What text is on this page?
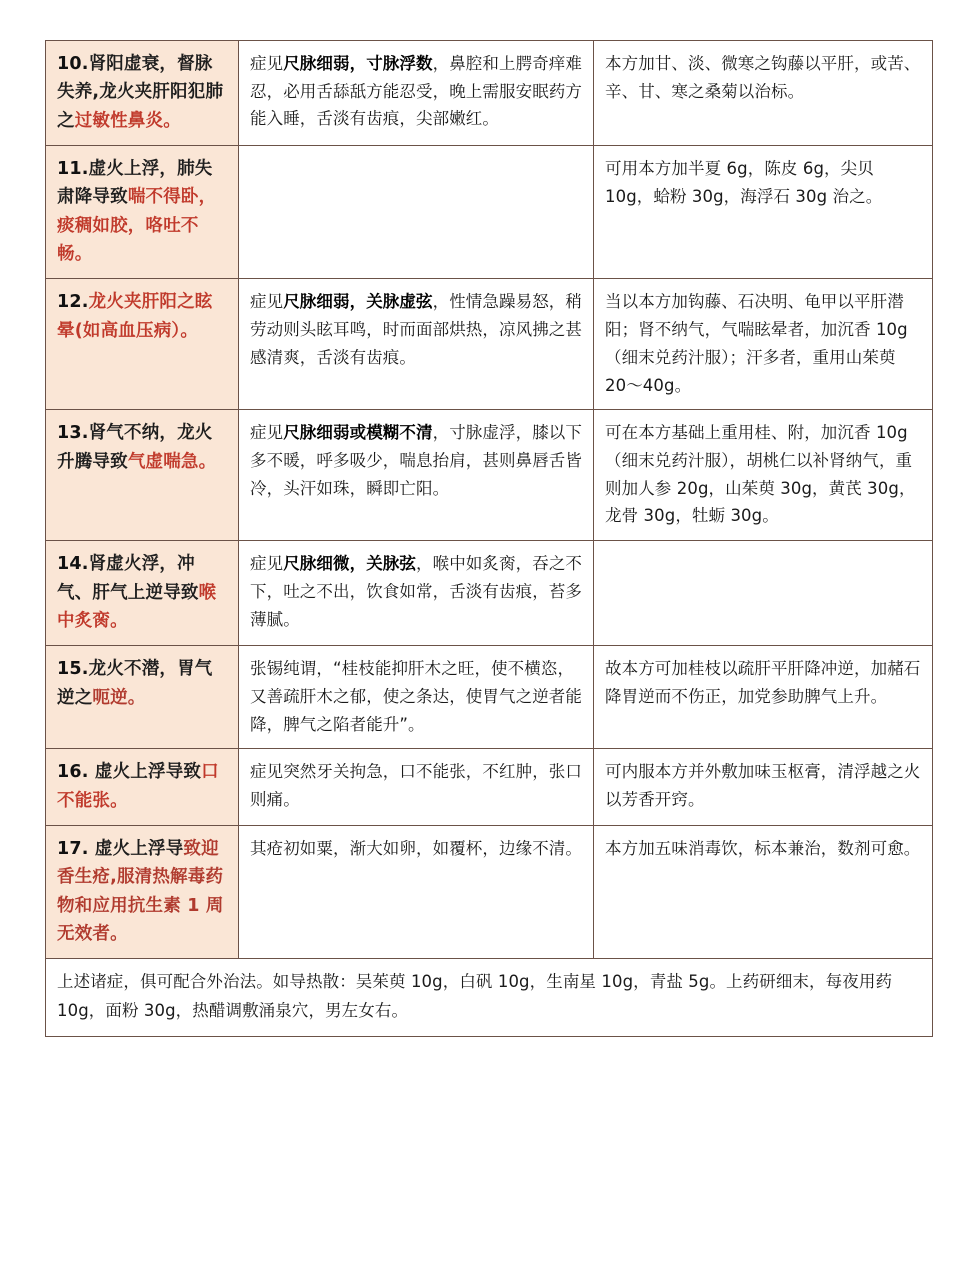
10.肾阳虚衰，督脉失养,龙火夹肝阳犯肺之过敏性鼻炎。	症见尺脉细弱，寸脉浮数，鼻腔和上腭奇痒难忍，必用舌舔舐方能忍受，晚上需服安眠药方能入睡，舌淡有齿痕，尖部嫩红。	本方加甘、淡、微寒之钩藤以平肝，或苦、辛、甘、寒之桑菊以治标。
11.虚火上浮，肺失肃降导致喘不得卧，痰稠如胶，咯吐不畅。		可用本方加半夏 6g，陈皮 6g，尖贝 10g，蛤粉 30g，海浮石 30g 治之。
12.龙火夹肝阳之眩晕(如高血压病）。	症见尺脉细弱，关脉虚弦，性情急躁易怒，稍劳动则头眩耳鸣，时而面部烘热，凉风拂之甚感清爽，舌淡有齿痕。	当以本方加钩藤、石决明、龟甲以平肝潜阳；肾不纳气，气喘眩晕者，加沉香 10g（细末兑药汁服）；汗多者，重用山茱萸 20～40g。
13.肾气不纳，龙火升腾导致气虚喘急。	症见尺脉细弱或模糊不清，寸脉虚浮，膝以下多不暖，呼多吸少，喘息抬肩，甚则鼻唇舌皆冷，头汗如珠，瞬即亡阳。	可在本方基础上重用桂、附，加沉香 10g（细末兑药汁服），胡桃仁以补肾纳气，重则加人参 20g，山茱萸 30g，黄芪 30g，龙骨 30g，牡蛎 30g。
14.肾虚火浮，冲气、肝气上逆导致喉中炙脔。	症见尺脉细微，关脉弦，喉中如炙脔，吞之不下，吐之不出，饮食如常，舌淡有齿痕，苔多薄腻。	
15.龙火不潜，胃气逆之呃逆。	张锡纯谓，“桂枝能抑肝木之旺，使不横恣，又善疏肝木之郁，使之条达，使胃气之逆者能降，脾气之陷者能升”。	故本方可加桂枝以疏肝平肝降冲逆，加赭石降胃逆而不伤正，加党参助脾气上升。
16. 虚火上浮导致口不能张。	症见突然牙关拘急，口不能张，不红肿，张口则痛。	可内服本方并外敷加味玉枢膏，清浮越之火以芳香开窍。
17. 虚火上浮导致迎香生疮,服清热解毒药物和应用抗生素 1 周无效者。	其疮初如粟，渐大如卵，如覆杯，边缘不清。	本方加五味消毒饮，标本兼治，数剂可愈。
上述诸症，俱可配合外治法。如导热散：吴茱萸 10g，白矾 10g，生南星 10g，青盐 5g。上药研细末，每夜用药 10g，面粉 30g，热醋调敷涌泉穴，男左女右。		
